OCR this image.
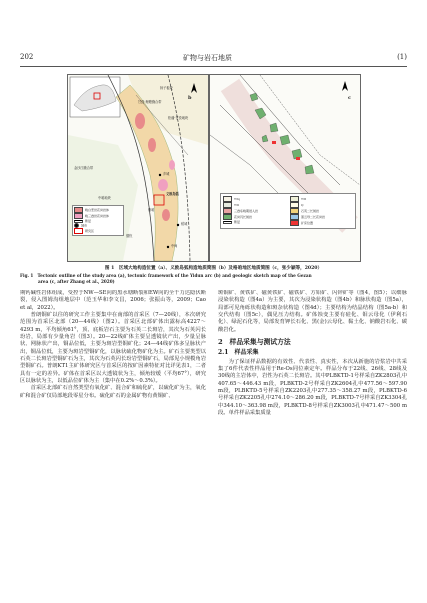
202	矿物与岩石地质	(1)
b
扬子板块
甘孜-理塘缝合带
松潘-甘孜地块
义敦岛弧
中咱地块
格咱
乡城
稻城
中甸
德钦
金沙江缝合带
晚白垩世花岗岩体
晚三叠世花岗岩体
断层
城市
研究区
c
T3q	T3t
T3l	Q
三叠系晚期侵入岩	石英二长斑岩
花岗闪长斑岩	黑云母二长花岗岩
断层	矿床位置
图 1　区域大地构造位置（a）、义敦岛弧构造地质简图（b）及格咱地区地质简图（c，张少颖等，2020）
Fig. 1　Tectonic outline of the study area (a), tectonic framework of the Yidun arc (b) and geologic sketch map of the Gezan
area (c, after Zhang et al., 2020)

期钙碱性岩体组成，受控于NW—SE向的黑水塘断裂和EW向的全干力达隐伏断裂，侵入图姆沟组地层中（范玉华和李文昌，2006；张振山等，2009；Cao et al，2022）。

普朗铜矿以往的研究工作主要集中在南部的首采区（7—20线），本次研究范围为首采区北部（20—44线）（图2）。首采区北部矿体出露标高4227～4293 m，平均倾角61°，顶、底板岩石主要为石英二长斑岩，其次为石英闪长玢岩，局部有少量角岩（图3）。20—22线矿体主要呈透镜状产出，少量呈脉状、网脉状产出，铜品位低，主要为斑岩型铜矿化；24—44线矿体多呈脉状产出，铜品位低，主要为斑岩型铜矿化，以脉状硫化物矿化为主。矿石主要类型以石英二长斑岩型铜矿石为主，其次为石英闪长玢岩型铜矿石，局部见小规模角岩型铜矿石。普朗KT1主矿体研究区与首采区的按矿因素特征对比详见表1，二者具有一定的差异。矿体在首采区以大透镜状为主，倾角较缓（平均67°），研究区以脉状为主，以低品位矿体为主（集中在0.2%～0.3%）。

首采区北部矿石自然类型有氧化矿、混合矿和硫化矿，以硫化矿为主，氧化矿和混合矿仅局部地段零星分布。硫化矿石的金属矿物有黄铜矿、

斑铜矿、黄铁矿、磁黄铁矿、磁铁矿、方铅矿、闪锌矿等（图4，图5）；以细脉浸染状构造（图4a）为主要，其次为浸染状构造（图4b）和脉状构造（图5a），局部可见角砾状构造和斑杂状构造（图4d）；主要结构为结晶结构（图5a-b）和交代结构（图5c），偶见压力结构。矿体蚀变主要有硅化、钼云母化（伊利石化）、绿泥石化等，局部发育钾长石化、黑(金)云母化、黏土化、钠酸岩石化、碳酸岩化。

2　样品采集与测试方法
2.1　样品采集

为了保证样品数据的有效性、代表性、真实性，本次从新施的岩浆岩中共采集了6件代表性样品用于Re-Os同位素定年。样品分布于22线、26线、28线及30线的主岩体中，岩性为石英二长斑岩。其中PLBKTD-1号样采自ZK2803孔中407.65～446.43 m段，PLBKTD-2号样采自ZK2604孔中477.56～597.90 m段，PLBKTD-5号样采自ZK2203孔中277.35～358.27 m段，PLBKTD-6号样采自ZK2205孔中274.10～286.20 m段，PLBKTD-7号样采自ZK3304孔中344.10～363.98 m段，PLBKTD-8号样采自ZK3003孔中471.47～500 m段。单件样品采集质量
